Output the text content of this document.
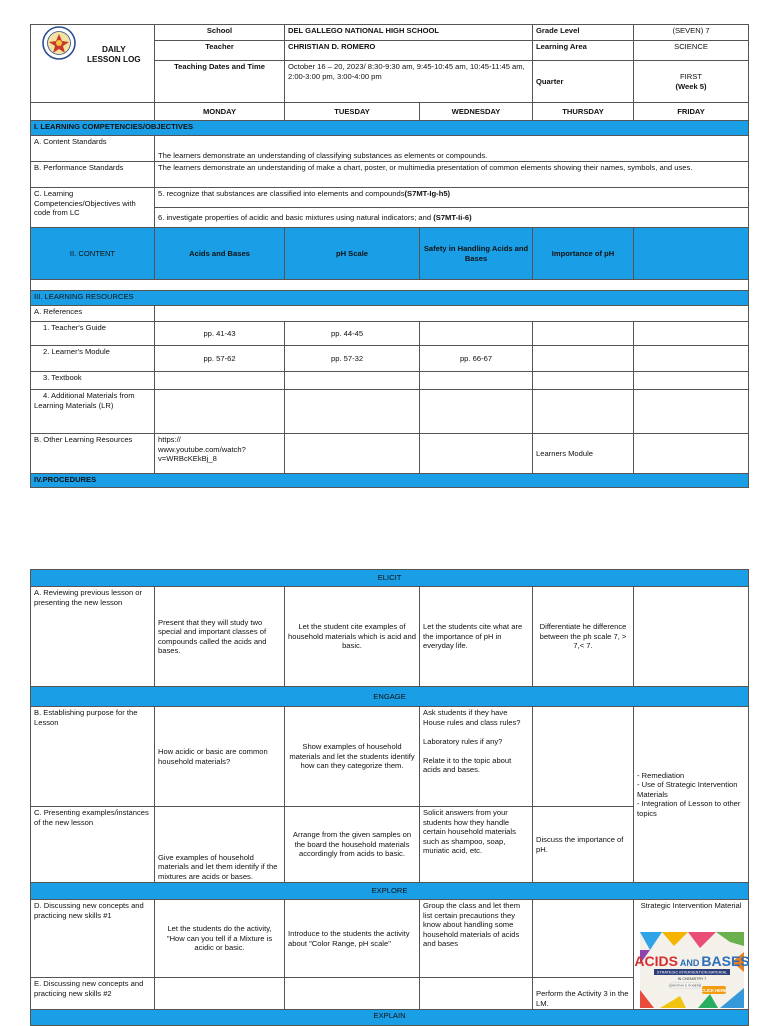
DAILY
LESSON LOG	School	DEL GALLEGO NATIONAL HIGH SCHOOL		Grade Level	(SEVEN) 7
	Teacher	CHRISTIAN D. ROMERO		Learning Area	SCIENCE
	Teaching Dates and Time	October 16 – 20, 2023/ 8:30-9:30 am, 9:45-10:45 am, 10:45-11:45 am, 2:00-3:00 pm, 3:00-4:00 pm		Quarter	FIRST
(Week 5)

	MONDAY	TUESDAY	WEDNESDAY	THURSDAY	FRIDAY
I. LEARNING COMPETENCIES/OBJECTIVES					
A. Content Standards	The learners demonstrate an understanding of classifying substances as elements or compounds.				
B. Performance Standards	The learners demonstrate an understanding of make a chart, poster, or multimedia presentation of common elements showing their names, symbols, and uses.				
C. Learning Competencies/Objectives with code from LC	5. recognize that substances are classified into elements and compounds(S7MT-Ig-h5)				
	6. investigate properties of acidic and basic mixtures using natural indicators; and (S7MT-Ii-6)				
II. CONTENT	Acids and Bases	pH Scale	Safety in Handling Acids and Bases	Importance of pH	

III. LEARNING RESOURCES					
A. References					
1. Teacher's Guide	pp. 41-43	pp. 44-45			
2. Learner's Module	pp. 57-62	pp. 57-32	pp. 66-67		
3. Textbook					
4. Additional Materials from Learning Materials (LR)					
B. Other Learning Resources	https://
www.youtube.com/watch?
v=WRBcKEkBj_8			Learners Module	
IV.PROCEDURES					
ELICIT					
A. Reviewing previous lesson or presenting the new lesson	Present that they will study two special and important classes of compounds called the acids and bases.	Let the student cite examples of household materials which is acid and basic.	Let the students cite what are the importance of pH in everyday life.	Differentiate he difference between the ph scale 7, > 7,< 7.	
ENGAGE					
B. Establishing purpose for the Lesson	How acidic or basic are common household materials?	Show examples of household materials and let the students identify how can they categorize them.	Ask students if they have House rules and class rules?

Laboratory rules if any?

Relate it to the topic about acids and bases.		- Remediation
- Use of Strategic Intervention Materials
- Integration of Lesson to other topics
C. Presenting examples/instances of the new lesson	Give examples of household materials and let them identify if the mixtures are acids or bases.	Arrange from the given samples on the board the household materials accordingly from acids to basic.	Solicit answers from your students how they handle certain household materials such as shampoo, soap, muriatic acid, etc.	Discuss the importance of pH.	
EXPLORE					
D. Discussing new concepts and practicing new skills #1	Let the students do the activity, "How can you tell if a Mixture is acidic or basic.	Introduce to the students the activity about "Color Range, pH scale"	Group the class and let them list certain precautions they know about handling some household materials of acids and bases		Strategic Intervention Material
E. Discussing new concepts and practicing new skills #2				Perform the Activity 3 in the LM.	
EXPLAIN					
CLICK HERE
ACIDS AND BASES
STRATEGIC INTERVENTION MATERIAL
IN CHEMISTRY 7
CHRISTIAN D. ROMERO
